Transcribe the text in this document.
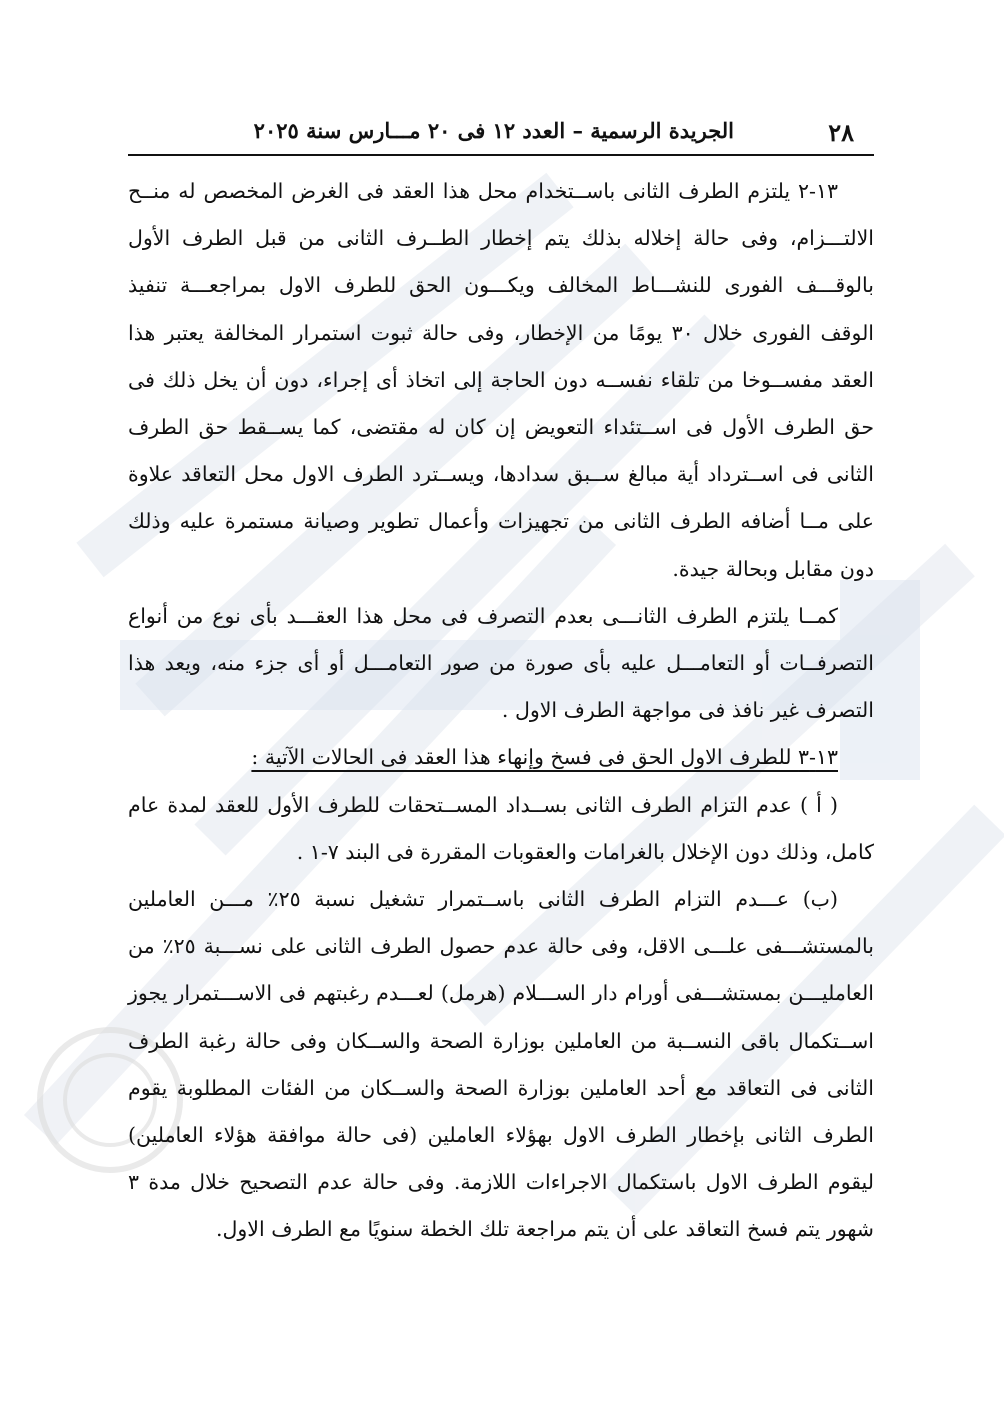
٢٨
الجريدة الرسمية – العدد ١٢ فى ٢٠ مـــارس سنة ٢٠٢٥

١٣-٢ يلتزم الطرف الثانى باســتخدام محل هذا العقد فى الغرض المخصص له منــح الالتـــزام، وفى حالة إخلاله بذلك يتم إخطار الطــرف الثانى من قبل الطرف الأول بالوقـــف الفورى للنشـــاط المخالف ويكـــون الحق للطرف الاول بمراجعـــة تنفيذ الوقف الفورى خلال ٣٠ يومًا من الإخطار، وفى حالة ثبوت استمرار المخالفة يعتبر هذا العقد مفســوخا من تلقاء نفســه دون الحاجة إلى اتخاذ أى إجراء، دون أن يخل ذلك فى حق الطرف الأول فى اســتئداء التعويض إن كان له مقتضى، كما يســقط حق الطرف الثانى فى اســترداد أية مبالغ ســبق سدادها، ويســترد الطرف الاول محل التعاقد علاوة على مــا أضافه الطرف الثانى من تجهيزات وأعمال تطوير وصيانة مستمرة عليه وذلك دون مقابل وبحالة جيدة.

كمــا يلتزم الطرف الثانـــى بعدم التصرف فى محل هذا العقـــد بأى نوع من أنواع التصرفــات أو التعامـــل عليه بأى صورة من صور التعامـــل أو أى جزء منه، ويعد هذا التصرف غير نافذ فى مواجهة الطرف الاول .

١٣-٣ للطرف الاول الحق فى فسخ وإنهاء هذا العقد فى الحالات الآتية :

( أ ) عدم التزام الطرف الثانى بســداد المســتحقات للطرف الأول للعقد لمدة عام كامل، وذلك دون الإخلال بالغرامات والعقوبات المقررة فى البند ٧-١ .

(ب) عـــدم التزام الطرف الثانى باســتمرار تشغيل نسبة ٢٥٪ مـــن العاملين بالمستشـــفى علـــى الاقل، وفى حالة عدم حصول الطرف الثانى على نســـبة ٢٥٪ من العامليـــن بمستشـــفى أورام دار الســـلام (هرمل) لعـــدم رغبتهم فى الاســـتمرار يجوز اســتكمال باقى النســبة من العاملين بوزارة الصحة والســكان وفى حالة رغبة الطرف الثانى فى التعاقد مع أحد العاملين بوزارة الصحة والســكان من الفئات المطلوبة يقوم الطرف الثانى بإخطار الطرف الاول بهؤلاء العاملين (فى حالة موافقة هؤلاء العاملين) ليقوم الطرف الاول باستكمال الاجراءات اللازمة. وفى حالة عدم التصحيح خلال مدة ٣ شهور يتم فسخ التعاقد على أن يتم مراجعة تلك الخطة سنويًا مع الطرف الاول.
